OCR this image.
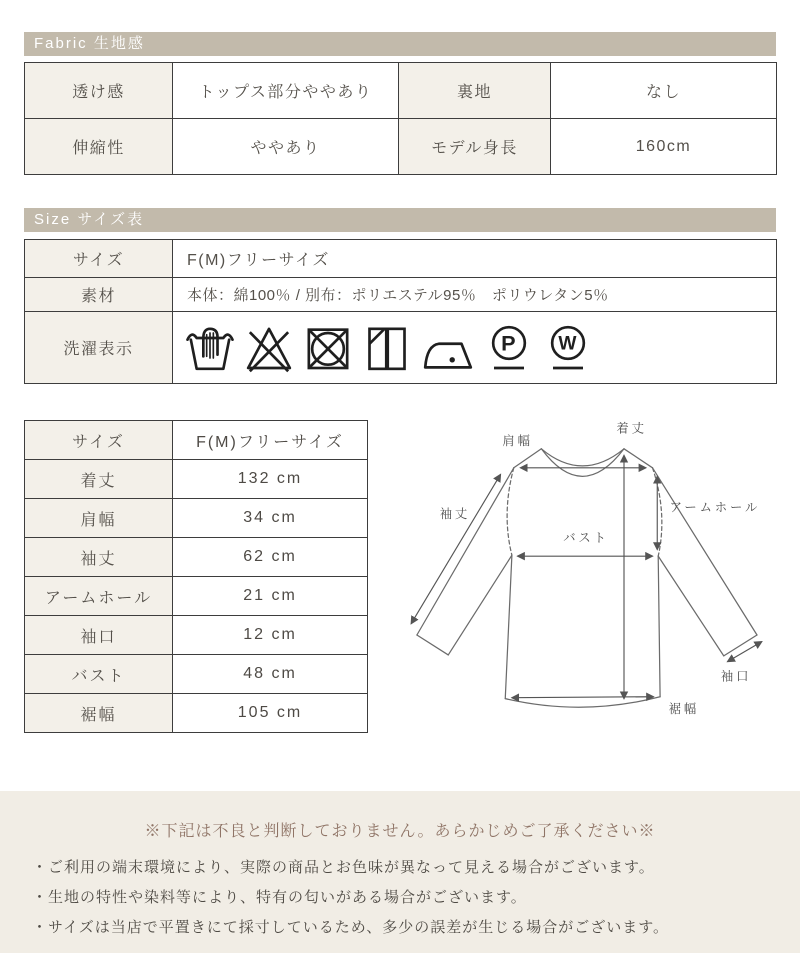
Fabric 生地感
透け感	トップス部分ややあり	裏地	なし
伸縮性	ややあり	モデル身長	160cm
Size サイズ表
サイズ	F(M)フリーサイズ
素材	本体：綿100％ / 別布：ポリエステル95％　ポリウレタン5％
洗濯表示	P W
サイズ	F(M)フリーサイズ
着丈	132 cm
肩幅	34 cm
袖丈	62 cm
アームホール	21 cm
袖口	12 cm
バスト	48 cm
裾幅	105 cm
肩幅
着丈
袖丈	アームホール
バスト
袖口
裾幅
※下記は不良と判断しておりません。あらかじめご了承ください※

・ご利用の端末環境により、実際の商品とお色味が異なって見える場合がございます。

・生地の特性や染料等により、特有の匂いがある場合がございます。

・サイズは当店で平置きにて採寸しているため、多少の誤差が生じる場合がございます。
